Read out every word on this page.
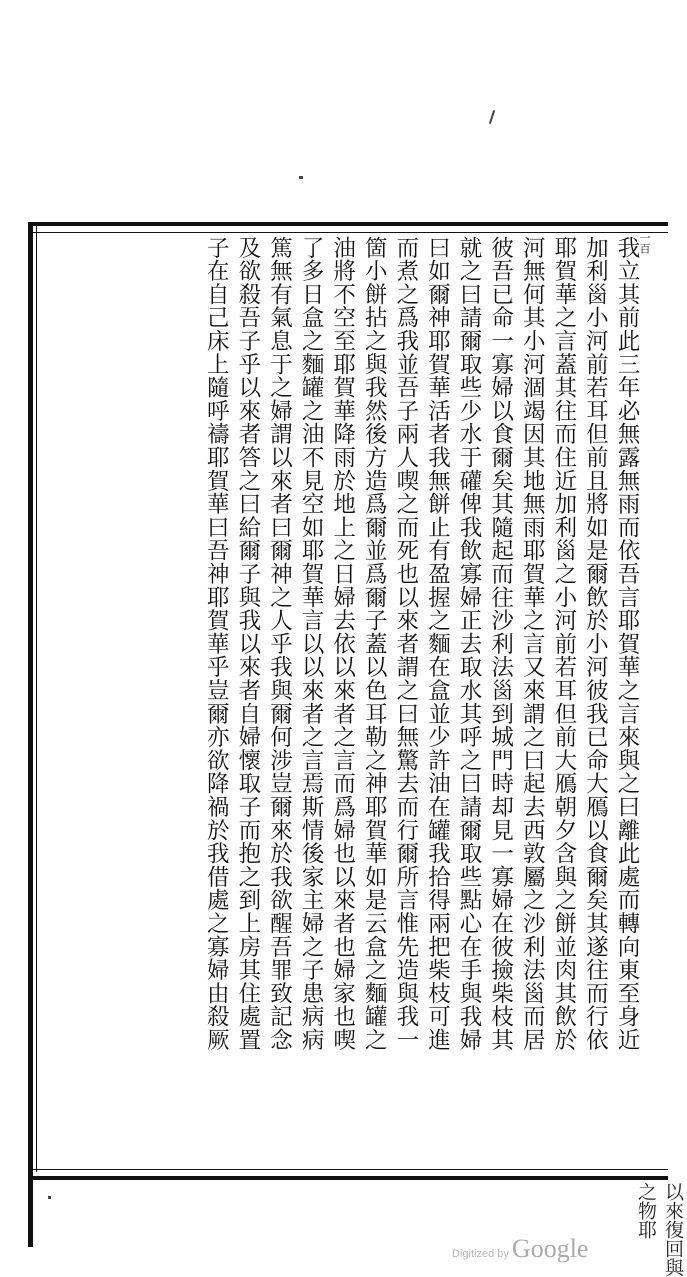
一百

我立其前此三年必無露無雨而依吾言耶賀華之言來與之曰離此處而轉向東至身近

加利𡿺小河前若耳但前且將如是爾飲於小河彼我已命大鴈以食爾矣其遂往而行依

耶賀華之言蓋其往而住近加利𡿺之小河前若耳但前大鴈朝夕含與之餅並肉其飲於

河無何其小河涸竭因其地無雨耶賀華之言又來謂之曰起去西敦屬之沙利法𡿺而居

彼吾已命一寡婦以食爾矣其隨起而往沙利法𡿺到城門時却見一寡婦在彼撿柴枝其

就之曰請爾取些少水于礶俾我飲寡婦正去取水其呼之曰請爾取些點心在手與我婦

曰如爾神耶賀華活者我無餅止有盈握之麵在盒並少許油在罐我拾得兩把柴枝可進

而煮之爲我並吾子兩人喫之而死也以來者謂之曰無驚去而行爾所言惟先造與我一

箇小餅拈之與我然後方造爲爾並爲爾子蓋以色耳勒之神耶賀華如是云盒之麵罐之

油將不空至耶賀華降雨於地上之日婦去依以來者之言而爲婦也以來者也婦家也喫

了多日盒之麵罐之油不見空如耶賀華言以以來者之言焉斯情後家主婦之子患病病

篤無有氣息于之婦謂以來者曰爾神之人乎我與爾何涉豈爾來於我欲醒吾罪致記念

及欲殺吾子乎以來者答之曰給爾子與我以來者自婦懷取子而抱之到上房其住處置

子在自己床上隨呼禱耶賀華曰吾神耶賀華乎豈爾亦欲降禍於我借處之寡婦由殺厥

以來復回與之物耶
Digitized by Google
